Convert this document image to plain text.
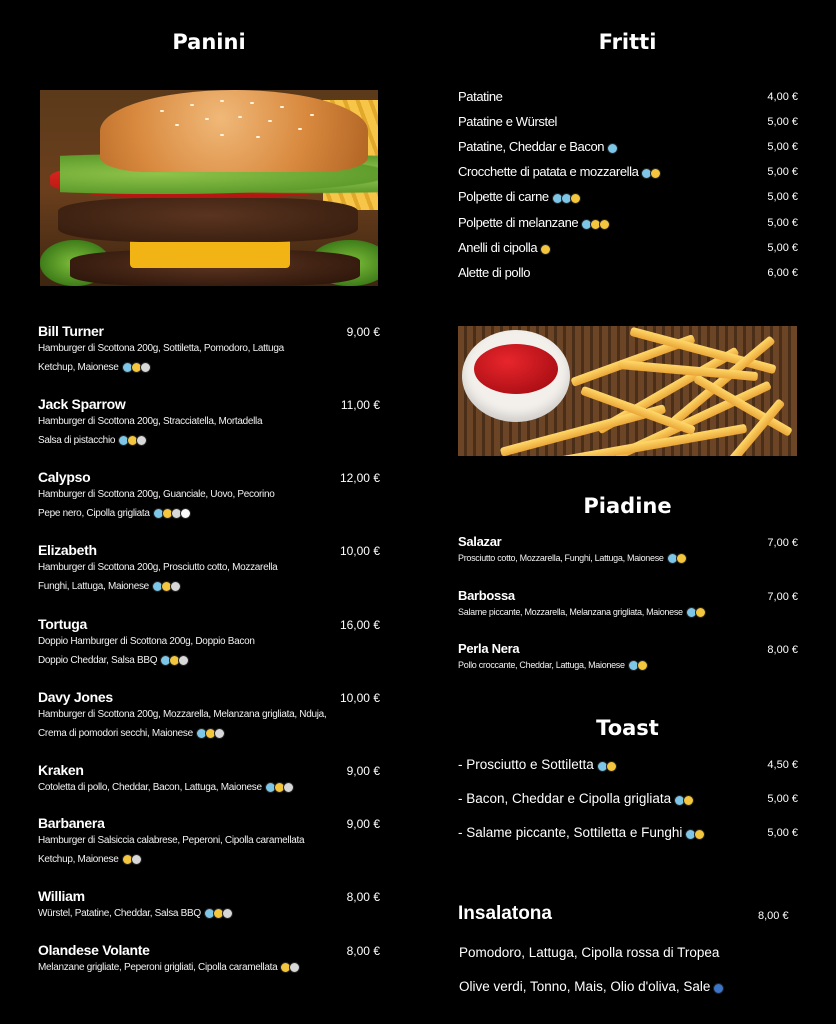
Panini	Fritti
Bill Turner	9,00 €
Hamburger di Scottona 200g, Sottiletta, Pomodoro, Lattuga
Ketchup, Maionese
Jack Sparrow	11,00 €
Hamburger di Scottona 200g, Stracciatella, Mortadella
Salsa di pistacchio
Calypso	12,00 €
Hamburger di Scottona 200g, Guanciale, Uovo, Pecorino
Pepe nero, Cipolla grigliata
Elizabeth	10,00 €
Hamburger di Scottona 200g, Prosciutto cotto, Mozzarella
Funghi, Lattuga, Maionese
Tortuga	16,00 €
Doppio Hamburger di Scottona 200g, Doppio Bacon
Doppio Cheddar, Salsa BBQ
Davy Jones	10,00 €
Hamburger di Scottona 200g, Mozzarella, Melanzana grigliata, Nduja,
Crema di pomodori secchi, Maionese
Kraken	9,00 €
Cotoletta di pollo, Cheddar, Bacon, Lattuga, Maionese
Barbanera	9,00 €
Hamburger di Salsiccia calabrese, Peperoni, Cipolla caramellata
Ketchup, Maionese
William	8,00 €
Würstel, Patatine, Cheddar, Salsa BBQ
Olandese Volante	8,00 €
Melanzane grigliate, Peperoni grigliati, Cipolla caramellata
Patatine	4,00 €
Patatine e Würstel	5,00 €
Patatine, Cheddar e Bacon	5,00 €
Crocchette di patata e mozzarella	5,00 €
Polpette di carne	5,00 €
Polpette di melanzane	5,00 €
Anelli di cipolla	5,00 €
Alette di pollo	6,00 €
Piadine
Salazar	7,00 €
Prosciutto cotto, Mozzarella, Funghi, Lattuga, Maionese
Barbossa	7,00 €
Salame piccante, Mozzarella, Melanzana grigliata, Maionese
Perla Nera	8,00 €
Pollo croccante, Cheddar, Lattuga, Maionese
Toast
- Prosciutto e Sottiletta	4,50 €
- Bacon, Cheddar e Cipolla grigliata	5,00 €
- Salame piccante, Sottiletta e Funghi	5,00 €
Insalatona	8,00 €
Pomodoro, Lattuga, Cipolla rossa di Tropea
Olive verdi, Tonno, Mais, Olio d'oliva, Sale
